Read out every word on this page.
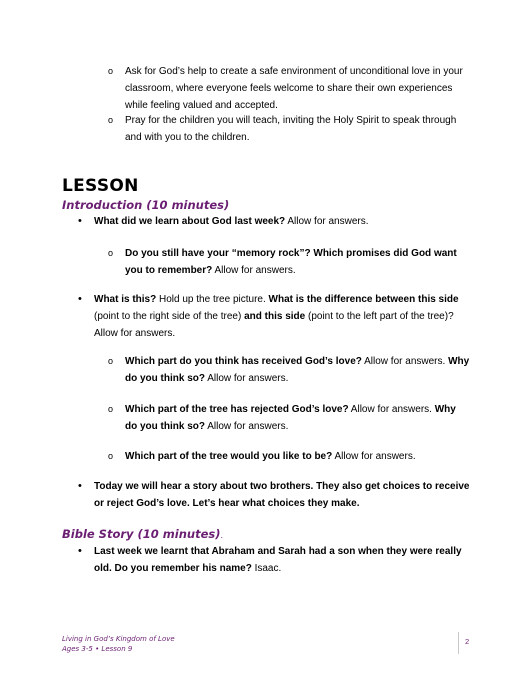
o Ask for God’s help to create a safe environment of unconditional love in your classroom, where everyone feels welcome to share their own experiences while feeling valued and accepted.
o Pray for the children you will teach, inviting the Holy Spirit to speak through and with you to the children.
LESSON
Introduction (10 minutes)
• What did we learn about God last week? Allow for answers.
o Do you still have your “memory rock”? Which promises did God want you to remember? Allow for answers.
• What is this? Hold up the tree picture. What is the difference between this side (point to the right side of the tree) and this side (point to the left part of the tree)? Allow for answers.
o Which part do you think has received God’s love? Allow for answers. Why do you think so? Allow for answers.
o Which part of the tree has rejected God’s love? Allow for answers. Why do you think so? Allow for answers.
o Which part of the tree would you like to be? Allow for answers.
• Today we will hear a story about two brothers. They also get choices to receive or reject God’s love. Let’s hear what choices they make.
Bible Story (10 minutes).
• Last week we learnt that Abraham and Sarah had a son when they were really old. Do you remember his name? Isaac.
Living in God’s Kingdom of Love
Ages 3-5 • Lesson 9
2
